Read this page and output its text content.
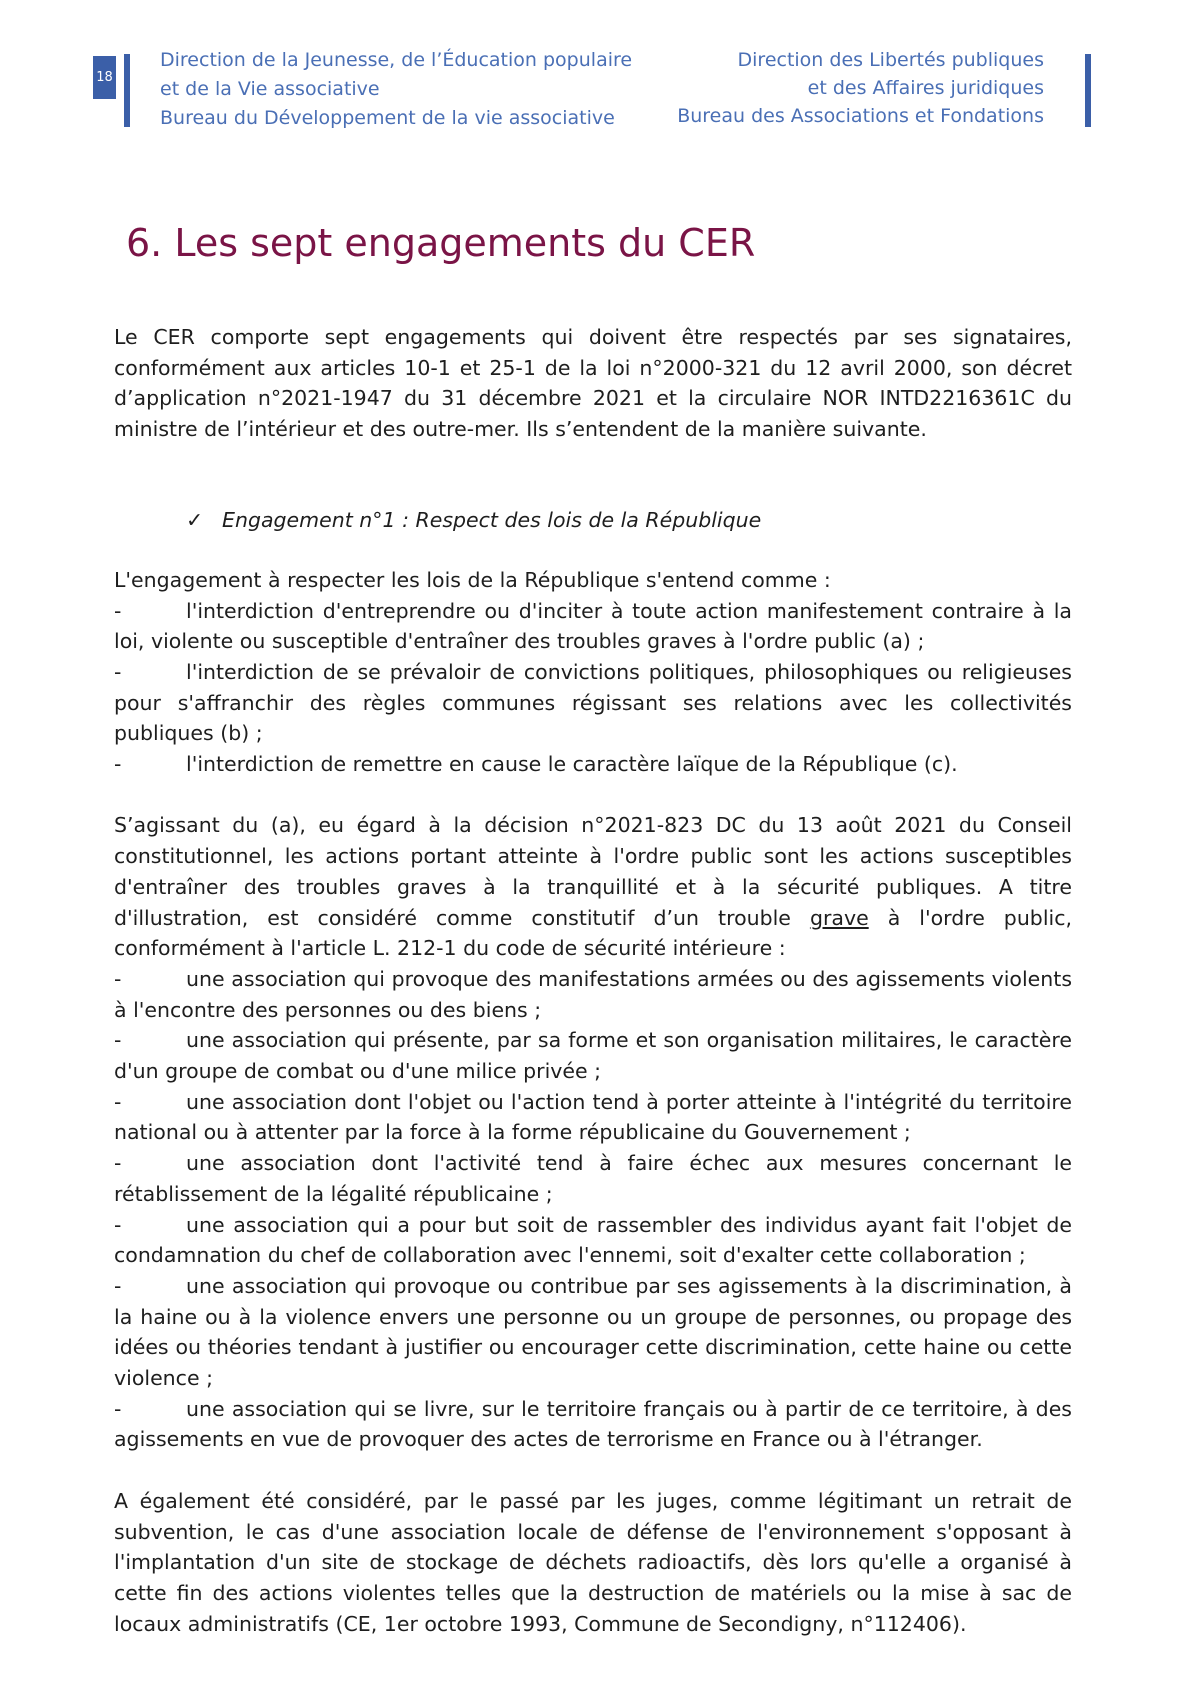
18
Direction de la Jeunesse, de l’Éducation populaire
et de la Vie associative
Bureau du Développement de la vie associative
Direction des Libertés publiques
et des Affaires juridiques
Bureau des Associations et Fondations
6. Les sept engagements du CER

Le CER comporte sept engagements qui doivent être respectés par ses signataires, conformément aux articles 10-1 et 25-1 de la loi n°2000-321 du 12 avril 2000, son décret d’application n°2021-1947 du 31 décembre 2021 et la circulaire NOR INTD2216361C du ministre de l’intérieur et des outre-mer. Ils s’entendent de la manière suivante.

✓ Engagement n°1 : Respect des lois de la République

L'engagement à respecter les lois de la République s'entend comme :

-	l'interdiction d'entreprendre ou d'inciter à toute action manifestement contraire à la loi, violente ou susceptible d'entraîner des troubles graves à l'ordre public (a) ;

-	l'interdiction de se prévaloir de convictions politiques, philosophiques ou religieuses pour s'affranchir des règles communes régissant ses relations avec les collectivités publiques (b) ;

-	l'interdiction de remettre en cause le caractère laïque de la République (c).

S’agissant du (a), eu égard à la décision n°2021-823 DC du 13 août 2021 du Conseil constitutionnel, les actions portant atteinte à l'ordre public sont les actions susceptibles d'entraîner des troubles graves à la tranquillité et à la sécurité publiques. A titre d'illustration, est considéré comme constitutif d’un trouble grave à l'ordre public, conformément à l'article L. 212-1 du code de sécurité intérieure :

-	une association qui provoque des manifestations armées ou des agissements violents à l'encontre des personnes ou des biens ;

-	une association qui présente, par sa forme et son organisation militaires, le caractère d'un groupe de combat ou d'une milice privée ;

-	une association dont l'objet ou l'action tend à porter atteinte à l'intégrité du territoire national ou à attenter par la force à la forme républicaine du Gouvernement ;

-	une association dont l'activité tend à faire échec aux mesures concernant le rétablissement de la légalité républicaine ;

-	une association qui a pour but soit de rassembler des individus ayant fait l'objet de condamnation du chef de collaboration avec l'ennemi, soit d'exalter cette collaboration ;

-	une association qui provoque ou contribue par ses agissements à la discrimination, à la haine ou à la violence envers une personne ou un groupe de personnes, ou propage des idées ou théories tendant à justifier ou encourager cette discrimination, cette haine ou cette violence ;

-	une association qui se livre, sur le territoire français ou à partir de ce territoire, à des agissements en vue de provoquer des actes de terrorisme en France ou à l'étranger.

A également été considéré, par le passé par les juges, comme légitimant un retrait de subvention, le cas d'une association locale de défense de l'environnement s'opposant à l'implantation d'un site de stockage de déchets radioactifs, dès lors qu'elle a organisé à cette fin des actions violentes telles que la destruction de matériels ou la mise à sac de locaux administratifs (CE, 1er octobre 1993, Commune de Secondigny, n°112406).
